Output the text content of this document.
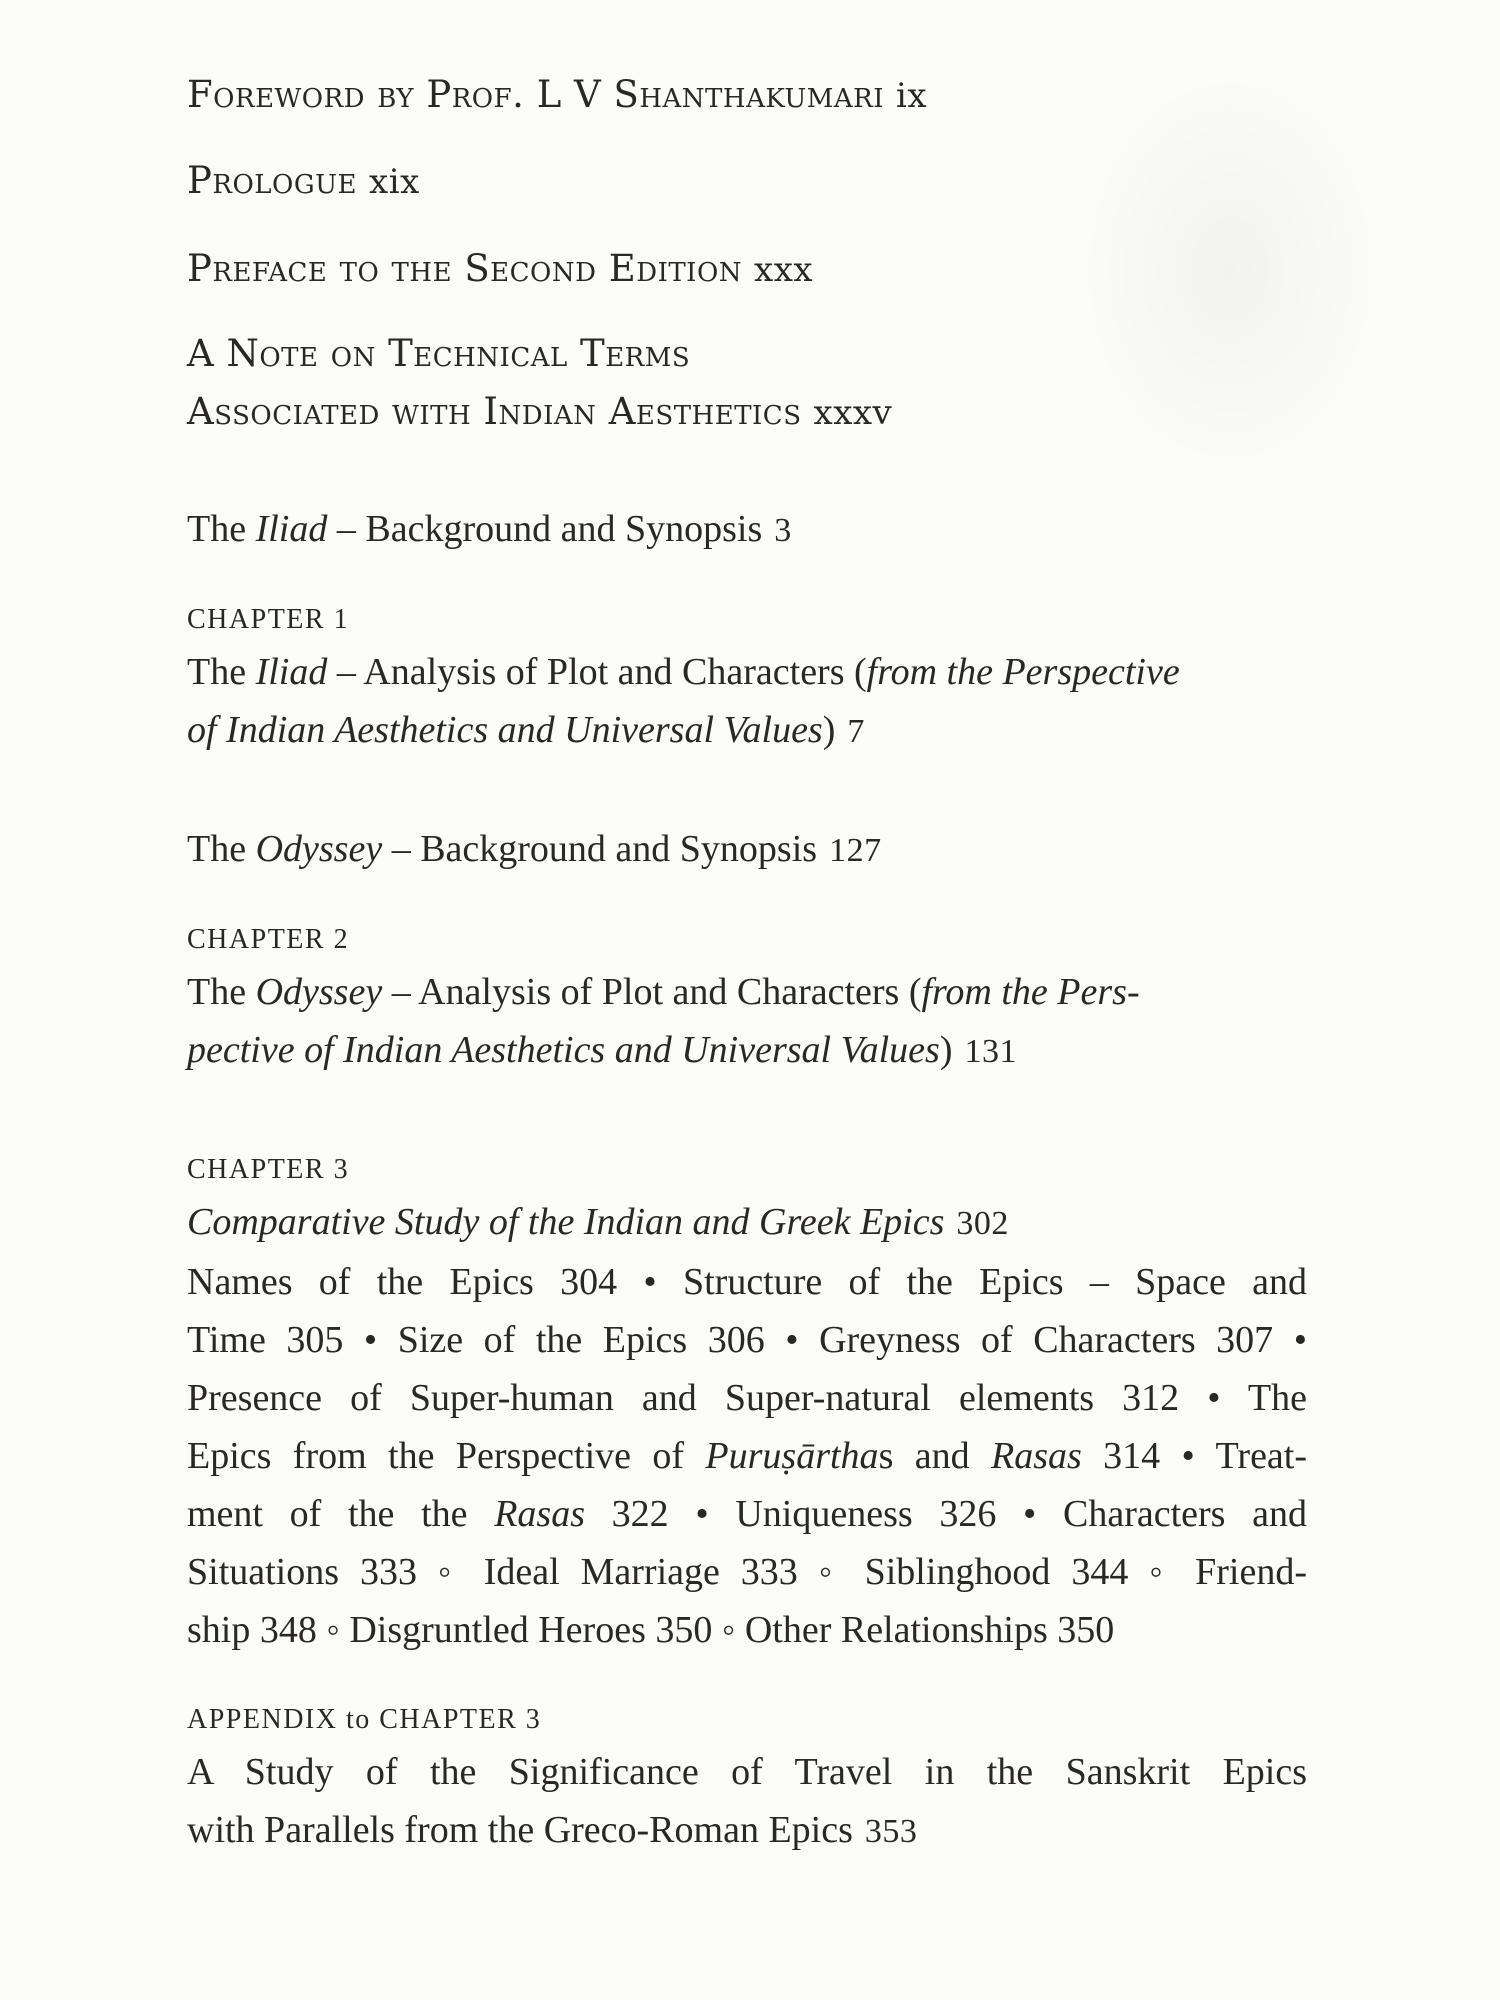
Foreword by Prof. L V Shanthakumari ix
Prologue xix
Preface to the Second Edition xxx
A Note on Technical Terms
Associated with Indian Aesthetics xxxv
The Iliad – Background and Synopsis 3
CHAPTER 1
The Iliad – Analysis of Plot and Characters (from the Perspective
of Indian Aesthetics and Universal Values) 7
The Odyssey – Background and Synopsis 127
CHAPTER 2
The Odyssey – Analysis of Plot and Characters (from the Pers-
pective of Indian Aesthetics and Universal Values) 131
CHAPTER 3
Comparative Study of the Indian and Greek Epics 302
Names of the Epics 304 • Structure of the Epics – Space and
Time 305 • Size of the Epics 306 • Greyness of Characters 307 •
Presence of Super-human and Super-natural elements 312 • The
Epics from the Perspective of Puruṣārthas and Rasas 314 • Treat-
ment of the the Rasas 322 • Uniqueness 326 • Characters and
Situations 333 ◦ Ideal Marriage 333 ◦ Siblinghood 344 ◦ Friend-
ship 348 ◦ Disgruntled Heroes 350 ◦ Other Relationships 350
APPENDIX to CHAPTER 3
A Study of the Significance of Travel in the Sanskrit Epics
with Parallels from the Greco-Roman Epics 353
